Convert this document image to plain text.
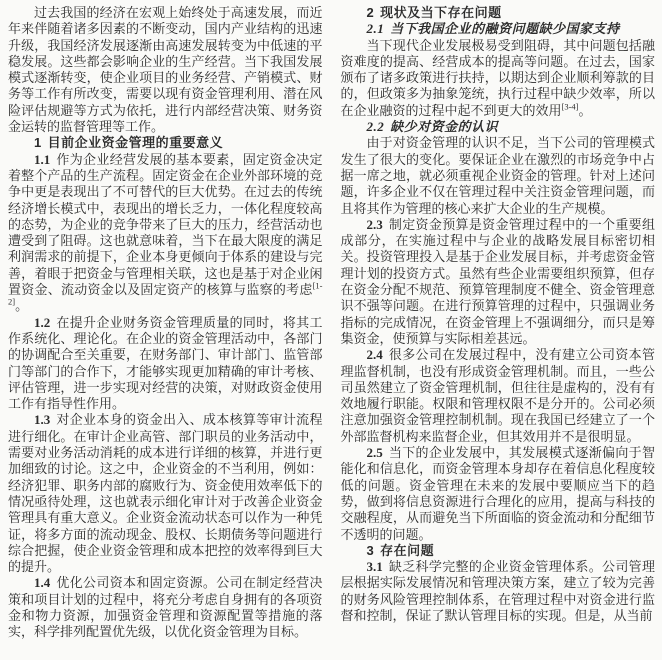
过去我国的经济在宏观上始终处于高速发展，而近年来伴随着诸多因素的不断变动，国内产业结构的迅速升级，我国经济发展逐渐由高速发展转变为中低速的平稳发展。这些都会影响企业的生产经营。当下我国发展模式逐渐转变，使企业项目的业务经营、产销模式、财务等工作有所改变，需要以现有资金管理利用、潜在风险评估规避等方式为依托，进行内部经营决策、财务资金运转的监督管理等工作。

1 目前企业资金管理的重要意义

1.1 作为企业经营发展的基本要素，固定资金决定着整个产品的生产流程。固定资金在企业外部环境的竞争中更是表现出了不可替代的巨大优势。在过去的传统经济增长模式中，表现出的增长乏力，一体化程度较高的态势，为企业的竞争带来了巨大的压力，经营活动也遭受到了阻碍。这也就意味着，当下在最大限度的满足利润需求的前提下，企业本身更倾向于体系的建设与完善，着眼于把资金与管理相关联，这也是基于对企业闲置资金、流动资金以及固定资产的核算与监察的考虑[1-2]。

1.2 在提升企业财务资金管理质量的同时，将其工作系统化、理论化。在企业的资金管理活动中，各部门的协调配合至关重要，在财务部门、审计部门、监管部门等部门的合作下，才能够实现更加精确的审计考核、评估管理，进一步实现对经营的决策，对财政资金使用工作有指导性作用。

1.3 对企业本身的资金出入、成本核算等审计流程进行细化。在审计企业高管、部门职员的业务活动中，需要对业务活动消耗的成本进行详细的核算，并进行更加细致的讨论。这之中，企业资金的不当利用，例如：经济犯罪、职务内部的腐败行为、资金使用效率低下的情况亟待处理，这也就表示细化审计对于改善企业资金管理具有重大意义。企业资金流动状态可以作为一种凭证，将多方面的流动现金、股权、长期债务等问题进行综合把握，使企业资金管理和成本把控的效率得到巨大的提升。

1.4 优化公司资本和固定资源。公司在制定经营决策和项目计划的过程中，将充分考虑自身拥有的各项资金和物力资源，加强资金管理和资源配置等措施的落实，科学排列配置优先级，以优化资金管理为目标。

2 现状及当下存在问题

2.1 当下我国企业的融资问题缺少国家支持

当下现代企业发展极易受到阻碍，其中问题包括融资难度的提高、经营成本的提高等问题。在过去，国家颁布了诸多政策进行扶持，以期达到企业顺利筹款的目的，但政策多为抽象笼统，执行过程中缺少效率，所以在企业融资的过程中起不到更大的效用[3-4]。

2.2 缺少对资金的认识

由于对资金管理的认识不足，当下公司的管理模式发生了很大的变化。要保证企业在激烈的市场竞争中占据一席之地，就必须重视企业资金的管理。针对上述问题，许多企业不仅在管理过程中关注资金管理问题，而且将其作为管理的核心来扩大企业的生产规模。

2.3 制定资金预算是资金管理过程中的一个重要组成部分，在实施过程中与企业的战略发展目标密切相关。投资管理投入是基于企业发展目标，并考虑资金管理计划的投资方式。虽然有些企业需要组织预算，但存在资金分配不规范、预算管理制度不健全、资金管理意识不强等问题。在进行预算管理的过程中，只强调业务指标的完成情况，在资金管理上不强调细分，而只是筹集资金，使预算与实际相差甚远。

2.4 很多公司在发展过程中，没有建立公司资本管理监督机制，也没有形成资金管理机制。而且，一些公司虽然建立了资金管理机制，但往往是虚构的，没有有效地履行职能。权限和管理权限不是分开的。公司必须注意加强资金管理控制机制。现在我国已经建立了一个外部监督机构来监督企业，但其效用并不是很明显。

2.5 当下的企业发展中，其发展模式逐渐偏向于智能化和信息化，而资金管理本身却存在着信息化程度较低的问题。资金管理在未来的发展中要顺应当下的趋势，做到将信息资源进行合理化的应用，提高与科技的交融程度，从而避免当下所面临的资金流动和分配细节不透明的问题。

3 存在问题

3.1 缺乏科学完整的企业资金管理体系。公司管理层根据实际发展情况和管理决策方案，建立了较为完善的财务风险管理控制体系，在管理过程中对资金进行监督和控制，保证了默认管理目标的实现。但是，从当前
